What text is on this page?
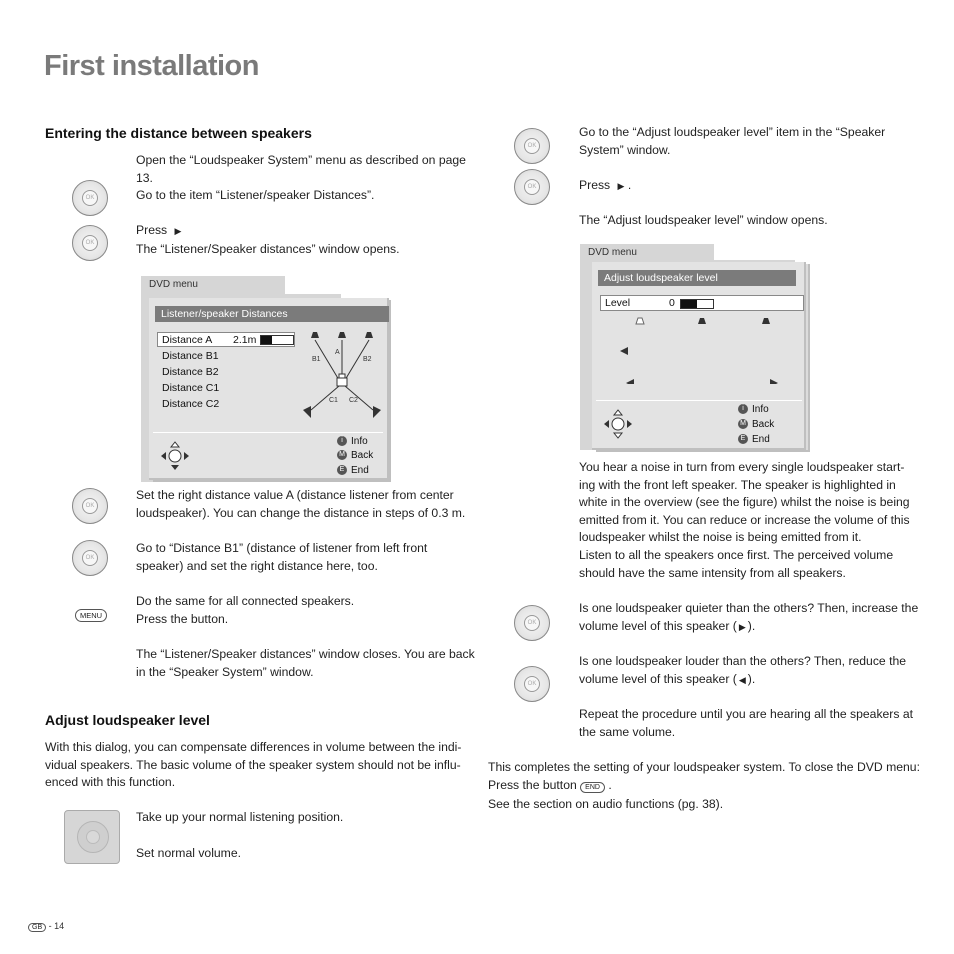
First installation
Entering the distance between speakers
Open the “Loudspeaker System” menu as described on page
13.
Go to the item “Listener/speaker Distances”.
OK
OK
Press ▶
The “Listener/Speaker distances” window opens.
DVD menu
Listener/speaker Distances
Distance A 2.1m
Distance B1
Distance B2
Distance C1
Distance C2
A
B1	B2
C1 C2
i Info
M Back
E End
OK
Set the right distance value A (distance listener from center
loudspeaker). You can change the distance in steps of 0.3 m.
OK
Go to “Distance B1” (distance of listener from left front
speaker) and set the right distance here, too.
MENU
Do the same for all connected speakers.
Press the button.
The “Listener/Speaker distances” window closes. You are back
in the “Speaker System” window.
Adjust loudspeaker level
With this dialog, you can compensate differences in volume between the indi-
vidual speakers. The basic volume of the speaker system should not be influ-
enced with this function.
Take up your normal listening position.
Set normal volume.
GB - 14
OK
OK
Go to the “Adjust loudspeaker level” item in the “Speaker
System” window.
Press ▶ .
The “Adjust loudspeaker level” window opens.
DVD menu
Adjust loudspeaker level
Level	0
i Info
M Back
E End
You hear a noise in turn from every single loudspeaker start-
ing with the front left speaker. The speaker is highlighted in
white in the overview (see the figure) whilst the noise is being
emitted from it. You can reduce or increase the volume of this
loudspeaker whilst the noise is being emitted from it.
Listen to all the speakers once first. The perceived volume
should have the same intensity from all speakers.
OK
Is one loudspeaker quieter than the others? Then, increase the
volume level of this speaker ( ▶ ).
OK
Is one loudspeaker louder than the others? Then, reduce the
volume level of this speaker ( ◀ ).
Repeat the procedure until you are hearing all the speakers at
the same volume.
This completes the setting of your loudspeaker system. To close the DVD menu:
Press the button END .
See the section on audio functions (pg. 38).
